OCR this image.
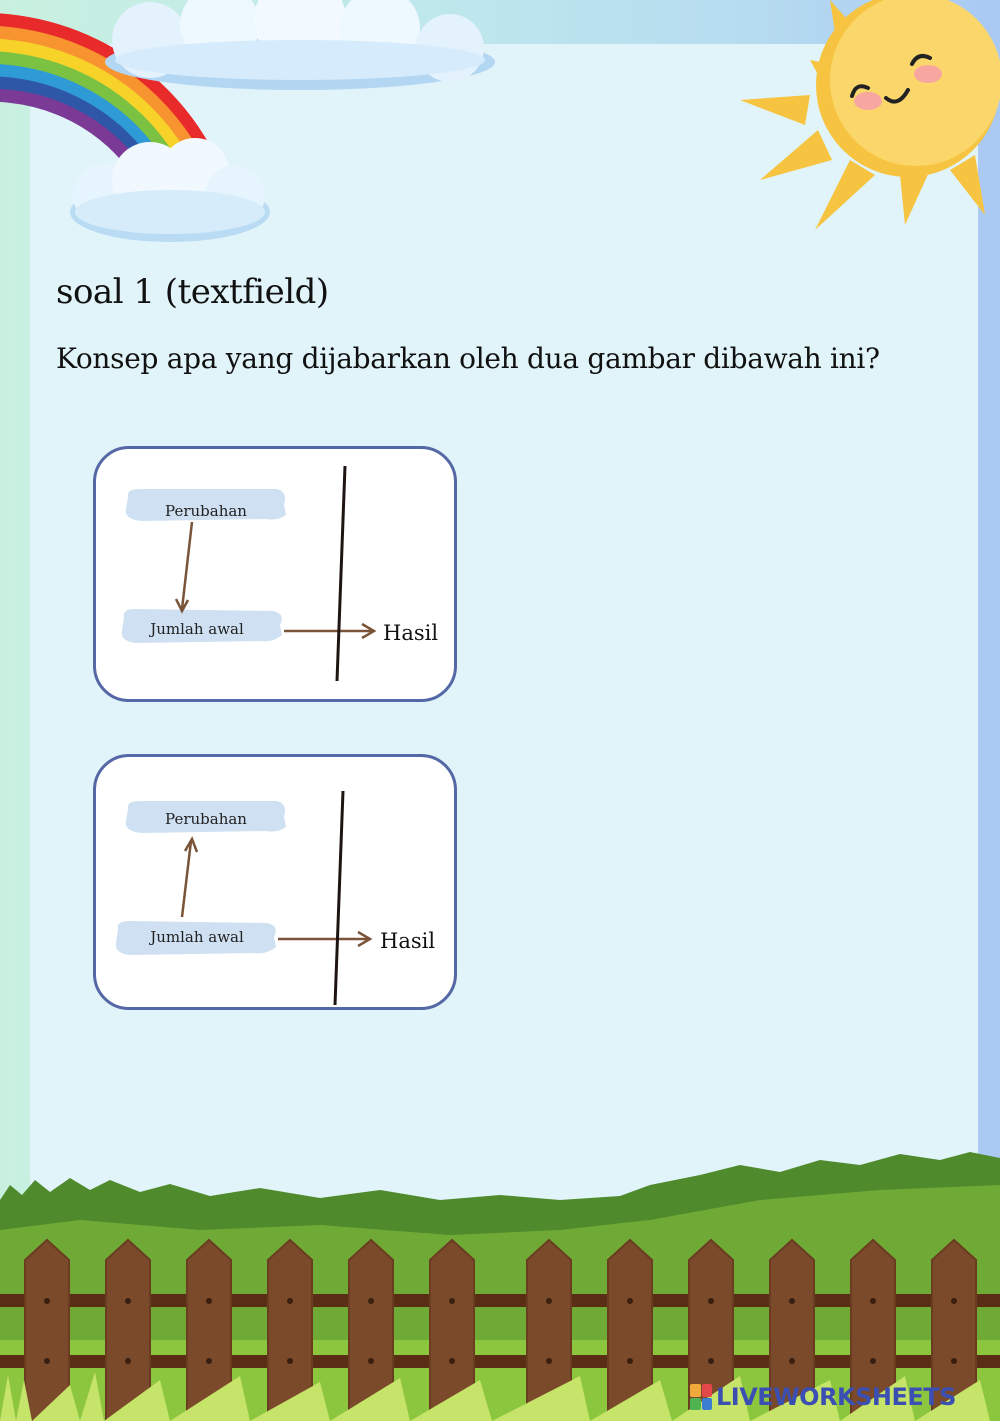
soal 1 (textfield)
Konsep apa yang dijabarkan oleh dua gambar dibawah ini?
Perubahan
Jumlah awal	Hasil
Perubahan
Jumlah awal	Hasil
LIVEWORKSHEETS
